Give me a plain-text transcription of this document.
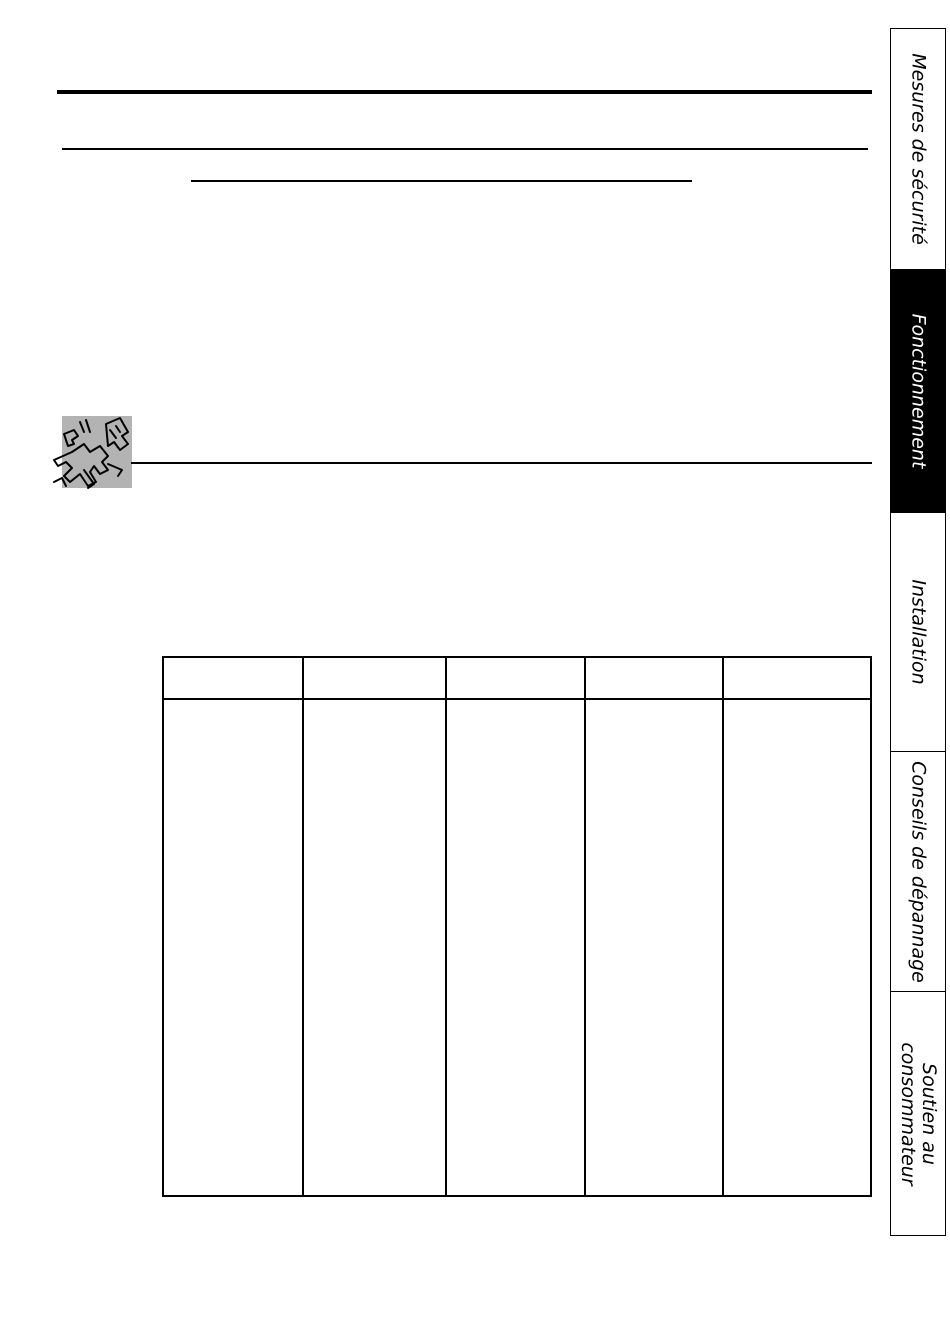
Mesures de sécurité
Fonctionnement
Installation
Conseils de dépannage
Soutien au
consommateur
